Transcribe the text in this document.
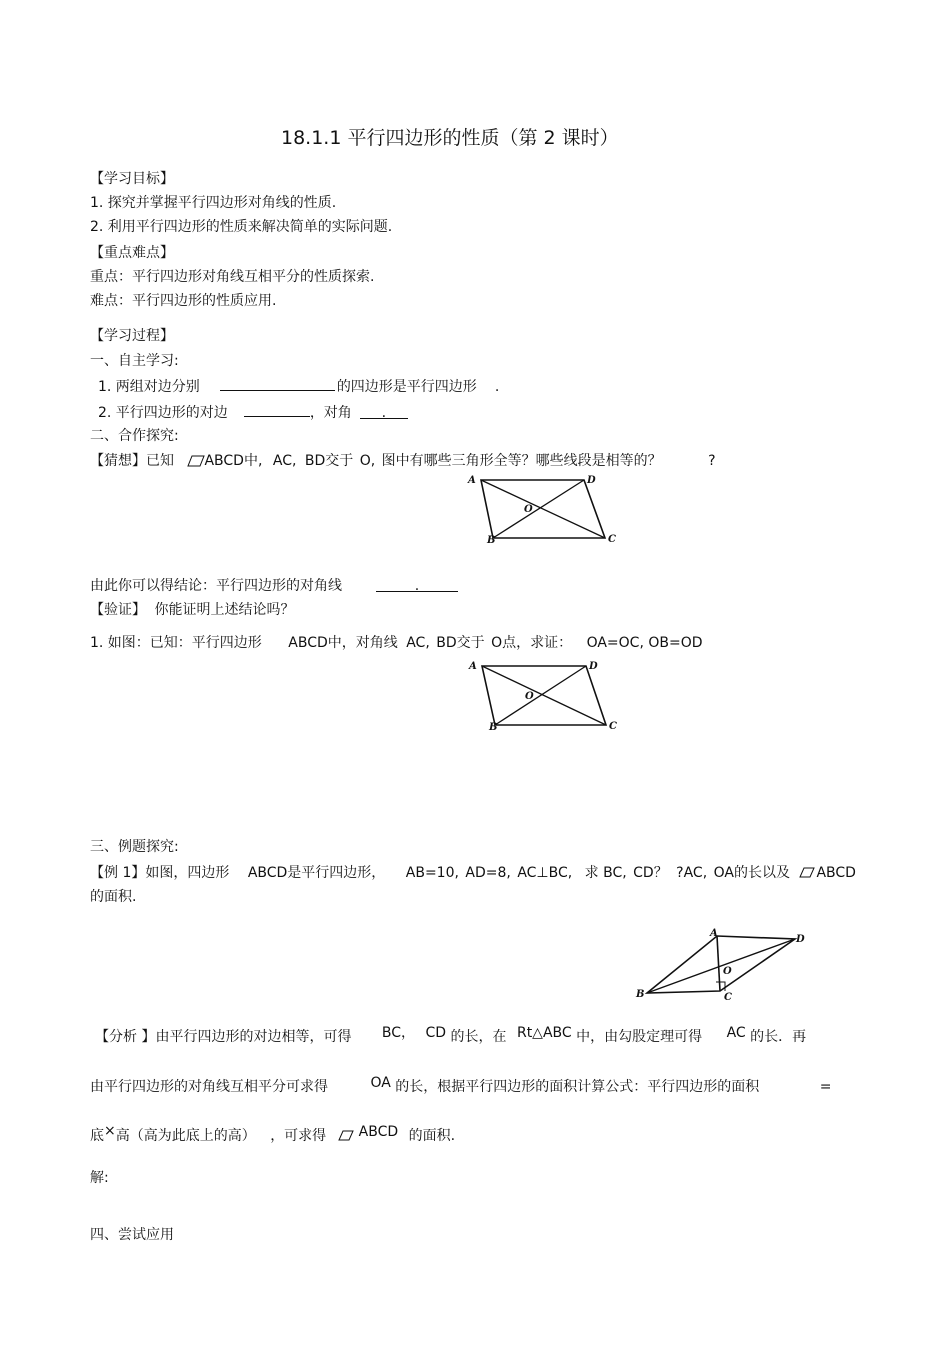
18.1.1 平行四边形的性质（第 2 课时）
【学习目标】
1. 探究并掌握平行四边形对角线的性质.
2. 利用平行四边形的性质来解决简单的实际问题.
【重点难点】
重点：平行四边形对角线互相平分的性质探索.
难点：平行四边形的性质应用.
【学习过程】
一、自主学习:
1. 两组对边分别	的四边形是平行四边形 .
2. 平行四边形的对边	，对角 .
二、合作探究:
【猜想】已知 ABCD中, AC, BD交于 O, 图中有哪些三角形全等？哪些线段是相等的？	?
A	D
O
B	C
由此你可以得结论：平行四边形的对角线	.
【验证】 你能证明上述结论吗？
1. 如图：已知：平行四边形 ABCD中，对角线 AC, BD交于 O点，求证： OA=OC, OB=OD
A	D
O
B	C
三、例题探究:
【例 1】如图，四边形 ABCD是平行四边形， AB=10, AD=8, AC⊥BC, 求 BC, CD？ ?AC, OA的长以及 ABCD
的面积.
A
D
O
B	C
【分析 】由平行四边形的对边相等，可得 BC， CD 的长，在 Rt△ABC 中，由勾股定理可得 AC 的长．再
由平行四边形的对角线互相平分可求得	OA 的长，根据平行四边形的面积计算公式：平行四边形的面积	=
底×高（高为此底上的高） ，可求得 ABCD 的面积.
解:
四、尝试应用
